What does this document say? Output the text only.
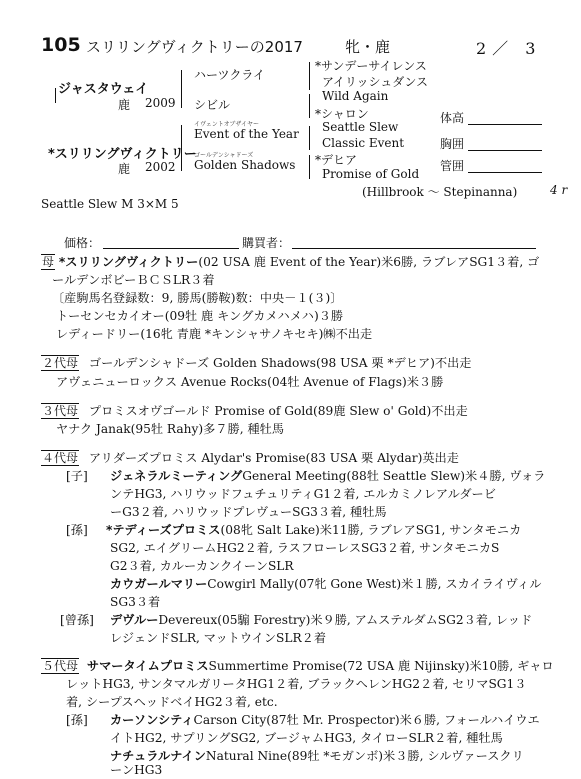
105 スリリングヴィクトリーの2017	牝・鹿	2／ 3
ジャスタウェイ
鹿 2009
*スリリングヴィクトリー
鹿 2002
ハーツクライ
シビル
イヴェントオブザイヤー
Event of the Year
ゴールデンシャドーズ
Golden Shadows
*サンデーサイレンス
アイリッシュダンス
Wild Again
*シャロン
Seattle Slew
Classic Event
*デヒア
Promise of Gold
(Hillbrook ～ Stepinanna)	4 r
体高
胸囲
管囲
Seattle Slew M 3×M 5
価格：	購買者：
母 *スリリングヴィクトリー(02 USA 鹿 Event of the Year)米6勝, ラブレアSG1３着, ゴ
ールデンボビーＢＣＳLR３着
〔産駒馬名登録数：9, 勝馬(勝鞍)数：中央－１(３)〕
トーセンセカイオー(09牡 鹿 キングカメハメハ)３勝
レディードリー(16牝 青鹿 *キンシャサノキセキ)㈱不出走
２代母 ゴールデンシャドーズ Golden Shadows(98 USA 栗 *デヒア)不出走
アヴェニューロックス Avenue Rocks(04牡 Avenue of Flags)米３勝
３代母 プロミスオヴゴールド Promise of Gold(89鹿 Slew o' Gold)不出走
ヤナク Janak(95牡 Rahy)多７勝, 種牡馬
４代母 アリダーズプロミス Alydar's Promise(83 USA 栗 Alydar)英出走
[子] ジェネラルミーティングGeneral Meeting(88牡 Seattle Slew)米４勝, ヴォラ
ンテHG3, ハリウッドフュチュリティG1２着, エルカミノレアルダービ
ーG3２着, ハリウッドプレヴューSG3３着, 種牡馬
[孫] *テディーズプロミス(08牝 Salt Lake)米11勝, ラブレアSG1, サンタモニカ
SG2, エイグリームHG2２着, ラスフローレスSG3２着, サンタモニカS
G2３着, カルーカンクイーンSLR
カウガールマリーCowgirl Mally(07牝 Gone West)米１勝, スカイライヴィル
SG3３着
[曾孫] デヴルーDevereux(05騸 Forestry)米９勝, アムステルダムSG2３着, レッド
レジェンドSLR, マットウインSLR２着
５代母 サマータイムプロミスSummertime Promise(72 USA 鹿 Nijinsky)米10勝, ギャロ
レットHG3, サンタマルガリータHG1２着, ブラックヘレンHG2２着, セリマSG1３
着, シープスヘッドベイHG2３着, etc.
[孫] カーソンシティCarson City(87牡 Mr. Prospector)米６勝, フォールハイウエ
イトHG2, サプリングSG2, ブージャムHG3, タイローSLR２着, 種牡馬
ナチュラルナインNatural Nine(89牡 *モガンボ)米３勝, シルヴァースクリ
ーンHG3
